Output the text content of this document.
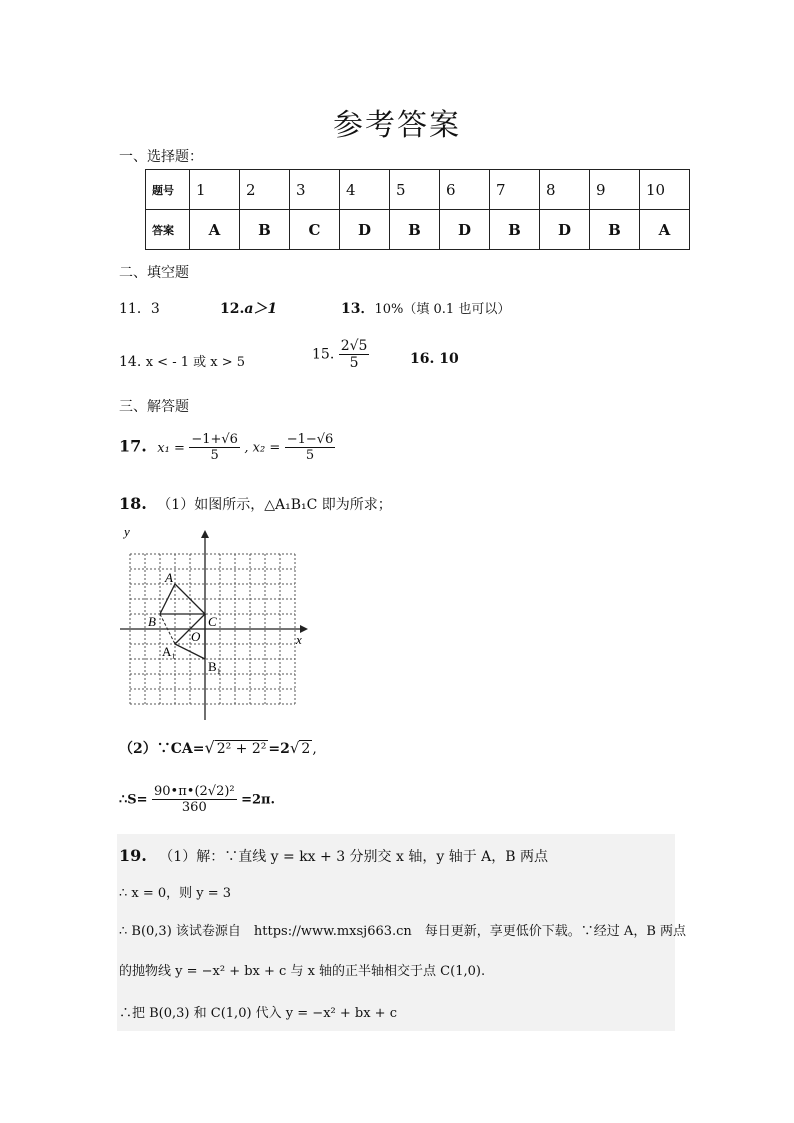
参考答案
一、选择题：
题号	1	2	3	4	5	6	7	8	9	10
答案	A	B	C	D	B	D	B	D	B	A
二、填空题
11．3	12.a＞1	13．10%（填 0.1 也可以）
14. x < - 1 或 x > 5	15. $\frac{2√5}{5}$	16. 10
三、解答题
17. $x_1 = \frac{-1+√6}{5}$ , $x_2 = \frac{-1-√6}{5}$
18. （1）如图所示，△A₁B₁C 即为所求；
y
x
A
B	C
O
A₁
B₁
（2）∵CA=√ 2² + 2² =2√ 2 ,
∴S= $\frac{\text{90•π•(2√2)²}}{360} =2\pi$.
19. （1）解：∵直线 y = kx + 3 分别交 x 轴，y 轴于 A，B 两点
∴ x = 0，则 y = 3
∴ B(0,3) 该试卷源自　https://www.mxsj663.cn　每日更新，享更低价下载。∵经过 A，B 两点
的抛物线 y = −x² + bx + c 与 x 轴的正半轴相交于点 C(1,0).
∴把 B(0,3) 和 C(1,0) 代入 y = −x² + bx + c
